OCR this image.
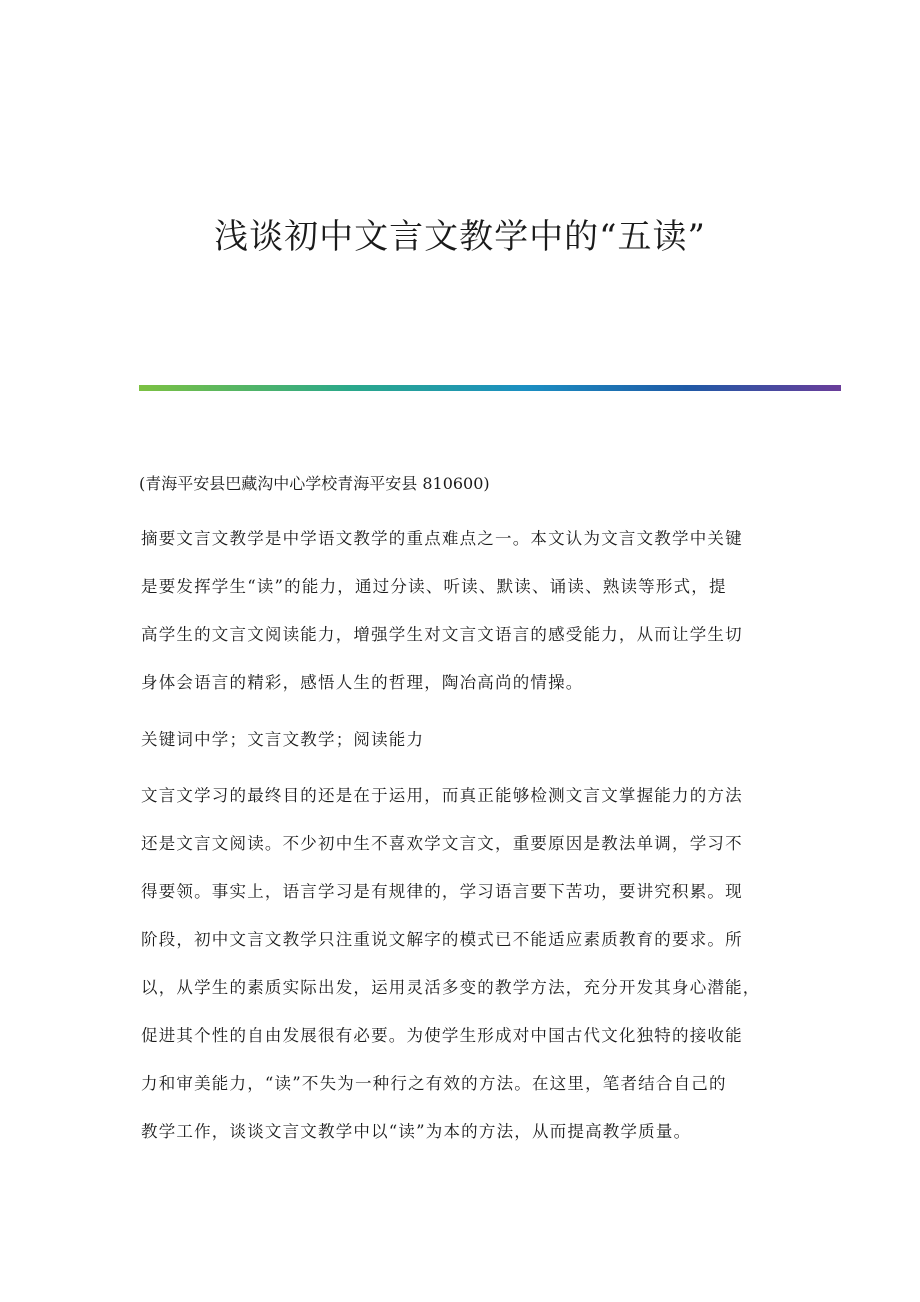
浅谈初中文言文教学中的“五读”

(青海平安县巴藏沟中心学校青海平安县 810600)

摘要文言文教学是中学语文教学的重点难点之一。本文认为文言文教学中关键
是要发挥学生“读”的能力，通过分读、听读、默读、诵读、熟读等形式，提
高学生的文言文阅读能力，增强学生对文言文语言的感受能力，从而让学生切
身体会语言的精彩，感悟人生的哲理，陶冶高尚的情操。
关键词中学；文言文教学；阅读能力
文言文学习的最终目的还是在于运用，而真正能够检测文言文掌握能力的方法
还是文言文阅读。不少初中生不喜欢学文言文，重要原因是教法单调，学习不
得要领。事实上，语言学习是有规律的，学习语言要下苦功，要讲究积累。现
阶段，初中文言文教学只注重说文解字的模式已不能适应素质教育的要求。所
以，从学生的素质实际出发，运用灵活多变的教学方法，充分开发其身心潜能，
促进其个性的自由发展很有必要。为使学生形成对中国古代文化独特的接收能
力和审美能力，“读”不失为一种行之有效的方法。在这里，笔者结合自己的
教学工作，谈谈文言文教学中以“读”为本的方法，从而提高教学质量。
